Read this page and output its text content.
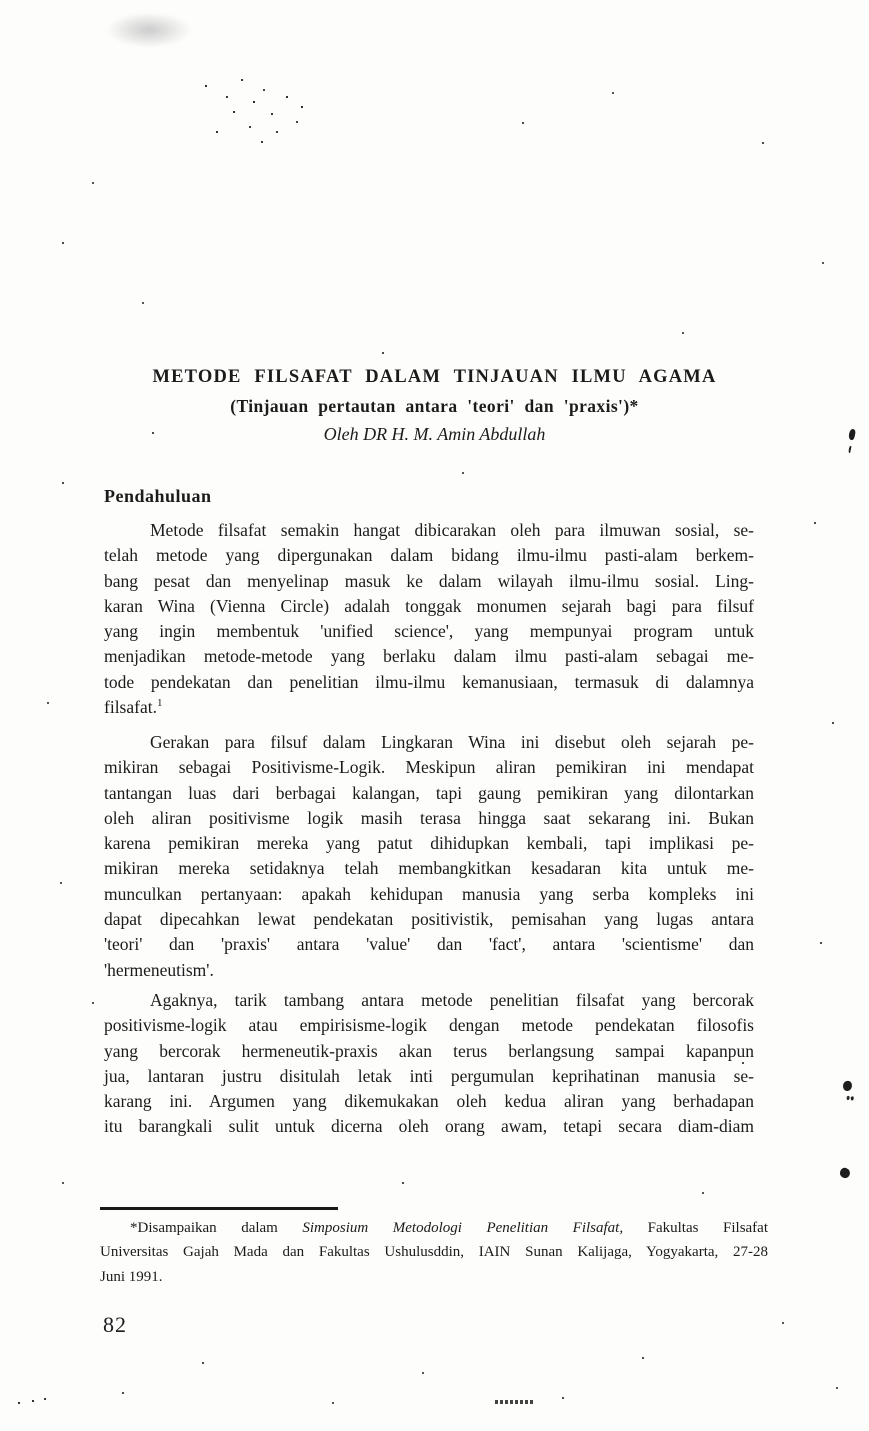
METODE FILSAFAT DALAM TINJAUAN ILMU AGAMA
(Tinjauan pertautan antara 'teori' dan 'praxis')*
Oleh DR H. M. Amin Abdullah
Pendahuluan
Metode filsafat semakin hangat dibicarakan oleh para ilmuwan sosial, se-
telah metode yang dipergunakan dalam bidang ilmu-ilmu pasti-alam berkem-
bang pesat dan menyelinap masuk ke dalam wilayah ilmu-ilmu sosial. Ling-
karan Wina (Vienna Circle) adalah tonggak monumen sejarah bagi para filsuf
yang ingin membentuk 'unified science', yang mempunyai program untuk
menjadikan metode-metode yang berlaku dalam ilmu pasti-alam sebagai me-
tode pendekatan dan penelitian ilmu-ilmu kemanusiaan, termasuk di dalamnya
filsafat.$^1$
Gerakan para filsuf dalam Lingkaran Wina ini disebut oleh sejarah pe-
mikiran sebagai Positivisme-Logik. Meskipun aliran pemikiran ini mendapat
tantangan luas dari berbagai kalangan, tapi gaung pemikiran yang dilontarkan
oleh aliran positivisme logik masih terasa hingga saat sekarang ini. Bukan
karena pemikiran mereka yang patut dihidupkan kembali, tapi implikasi pe-
mikiran mereka setidaknya telah membangkitkan kesadaran kita untuk me-
munculkan pertanyaan: apakah kehidupan manusia yang serba kompleks ini
dapat dipecahkan lewat pendekatan positivistik, pemisahan yang lugas antara
'teori' dan 'praxis' antara 'value' dan 'fact', antara 'scientisme' dan
'hermeneutism'.
Agaknya, tarik tambang antara metode penelitian filsafat yang bercorak
positivisme-logik atau empirisisme-logik dengan metode pendekatan filosofis
yang bercorak hermeneutik-praxis akan terus berlangsung sampai kapanpun
jua, lantaran justru disitulah letak inti pergumulan keprihatinan manusia se-
karang ini. Argumen yang dikemukakan oleh kedua aliran yang berhadapan
itu barangkali sulit untuk dicerna oleh orang awam, tetapi secara diam-diam
*Disampaikan dalam Simposium Metodologi Penelitian Filsafat, Fakultas Filsafat
Universitas Gajah Mada dan Fakultas Ushulusddin, IAIN Sunan Kalijaga, Yogyakarta, 27-28
Juni 1991.
82
